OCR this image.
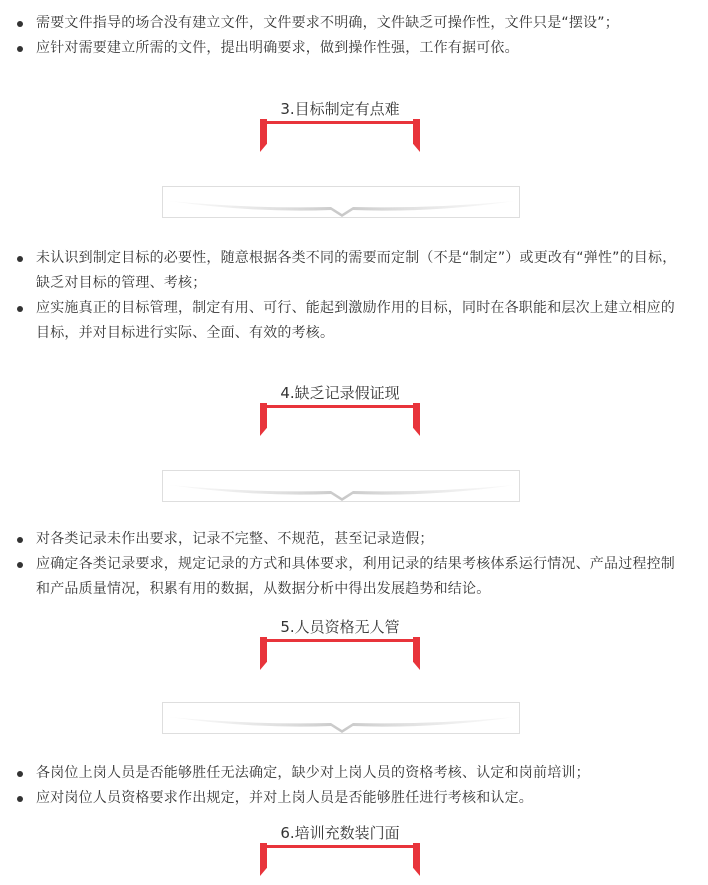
需要文件指导的场合没有建立文件，文件要求不明确，文件缺乏可操作性，文件只是“摆设”；
应针对需要建立所需的文件，提出明确要求，做到操作性强，工作有据可依。
3.目标制定有点难
未认识到制定目标的必要性，随意根据各类不同的需要而定制（不是“制定”）或更改有“弹性”的目标，缺乏对目标的管理、考核；
应实施真正的目标管理，制定有用、可行、能起到激励作用的目标，同时在各职能和层次上建立相应的目标，并对目标进行实际、全面、有效的考核。
4.缺乏记录假证现
对各类记录未作出要求，记录不完整、不规范，甚至记录造假；
应确定各类记录要求，规定记录的方式和具体要求，利用记录的结果考核体系运行情况、产品过程控制和产品质量情况，积累有用的数据，从数据分析中得出发展趋势和结论。
5.人员资格无人管
各岗位上岗人员是否能够胜任无法确定，缺少对上岗人员的资格考核、认定和岗前培训；
应对岗位人员资格要求作出规定，并对上岗人员是否能够胜任进行考核和认定。
6.培训充数装门面
